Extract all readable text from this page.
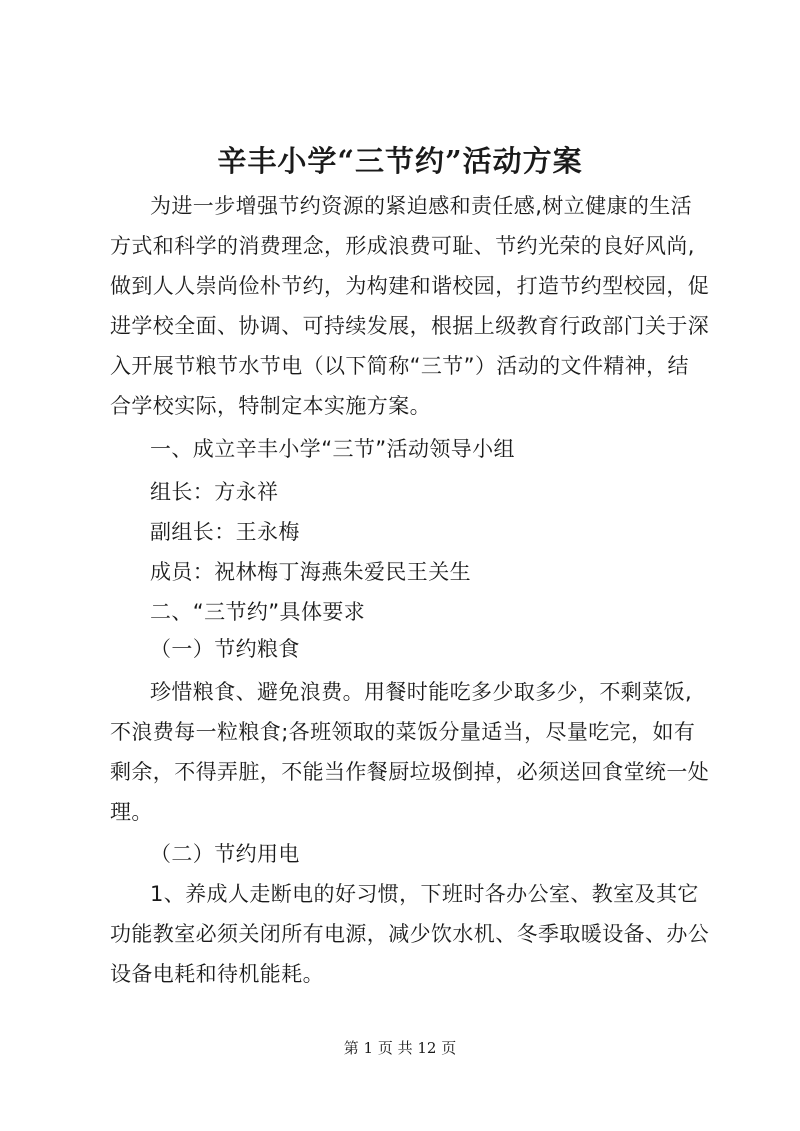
辛丰小学“三节约”活动方案
为进一步增强节约资源的紧迫感和责任感,树立健康的生活
方式和科学的消费理念，形成浪费可耻、节约光荣的良好风尚,
做到人人崇尚俭朴节约，为构建和谐校园，打造节约型校园，促
进学校全面、协调、可持续发展，根据上级教育行政部门关于深
入开展节粮节水节电（以下简称“三节”）活动的文件精神，结
合学校实际，特制定本实施方案。
一、成立辛丰小学“三节”活动领导小组
组长：方永祥
副组长：王永梅
成员：祝林梅丁海燕朱爱民王关生
二、“三节约”具体要求
（一）节约粮食
珍惜粮食、避免浪费。用餐时能吃多少取多少，不剩菜饭,
不浪费每一粒粮食;各班领取的菜饭分量适当，尽量吃完，如有
剩余，不得弄脏，不能当作餐厨垃圾倒掉，必须送回食堂统一处
理。
（二）节约用电
1、养成人走断电的好习惯，下班时各办公室、教室及其它
功能教室必须关闭所有电源，减少饮水机、冬季取暖设备、办公
设备电耗和待机能耗。
第 1 页 共 12 页
